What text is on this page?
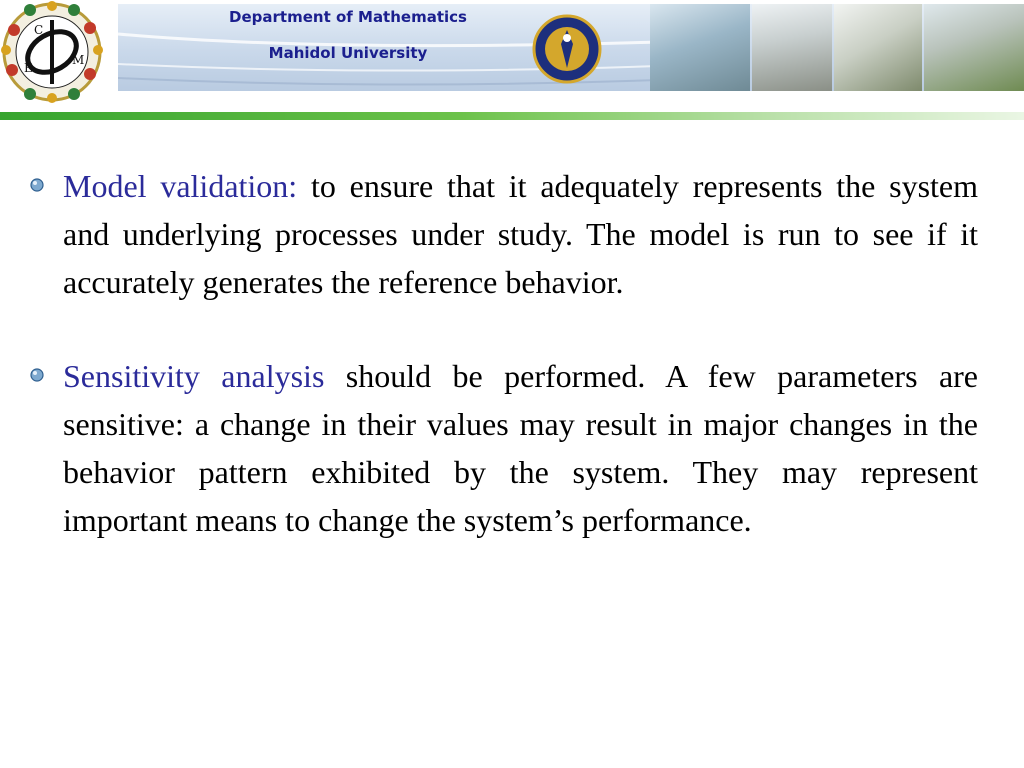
C
E
M
Department of Mathematics
Mahidol University
Model validation: to ensure that it adequately represents the system and underlying processes under study. The model is run to see if it accurately generates the reference behavior.
Sensitivity analysis should be performed. A few parameters are sensitive: a change in their values may result in major changes in the behavior pattern exhibited by the system. They may represent important means to change the system’s performance.
